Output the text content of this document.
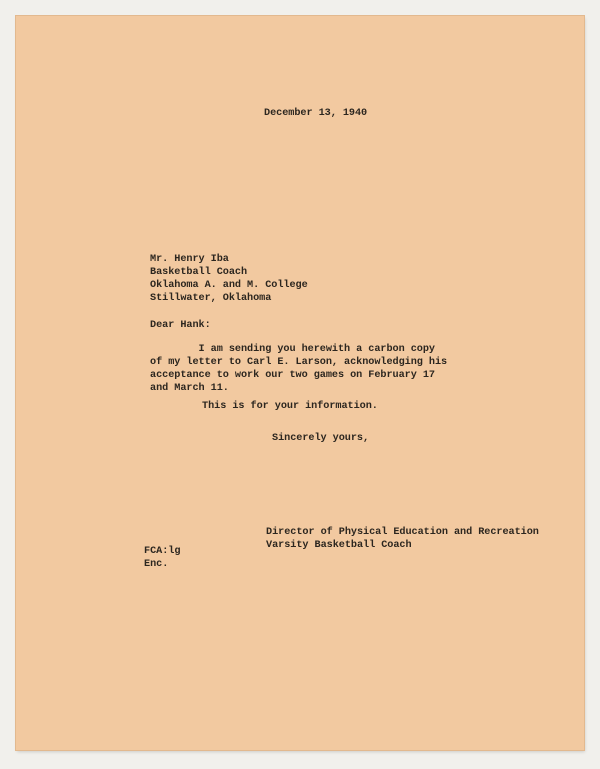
December 13, 1940

Mr. Henry Iba
Basketball Coach
Oklahoma A. and M. College
Stillwater, Oklahoma

Dear Hank:

I am sending you herewith a carbon copy
of my letter to Carl E. Larson, acknowledging his
acceptance to work our two games on February 17
and March 11.

This is for your information.

Sincerely yours,

Director of Physical Education and Recreation
Varsity Basketball Coach
FCA:lg
Enc.
